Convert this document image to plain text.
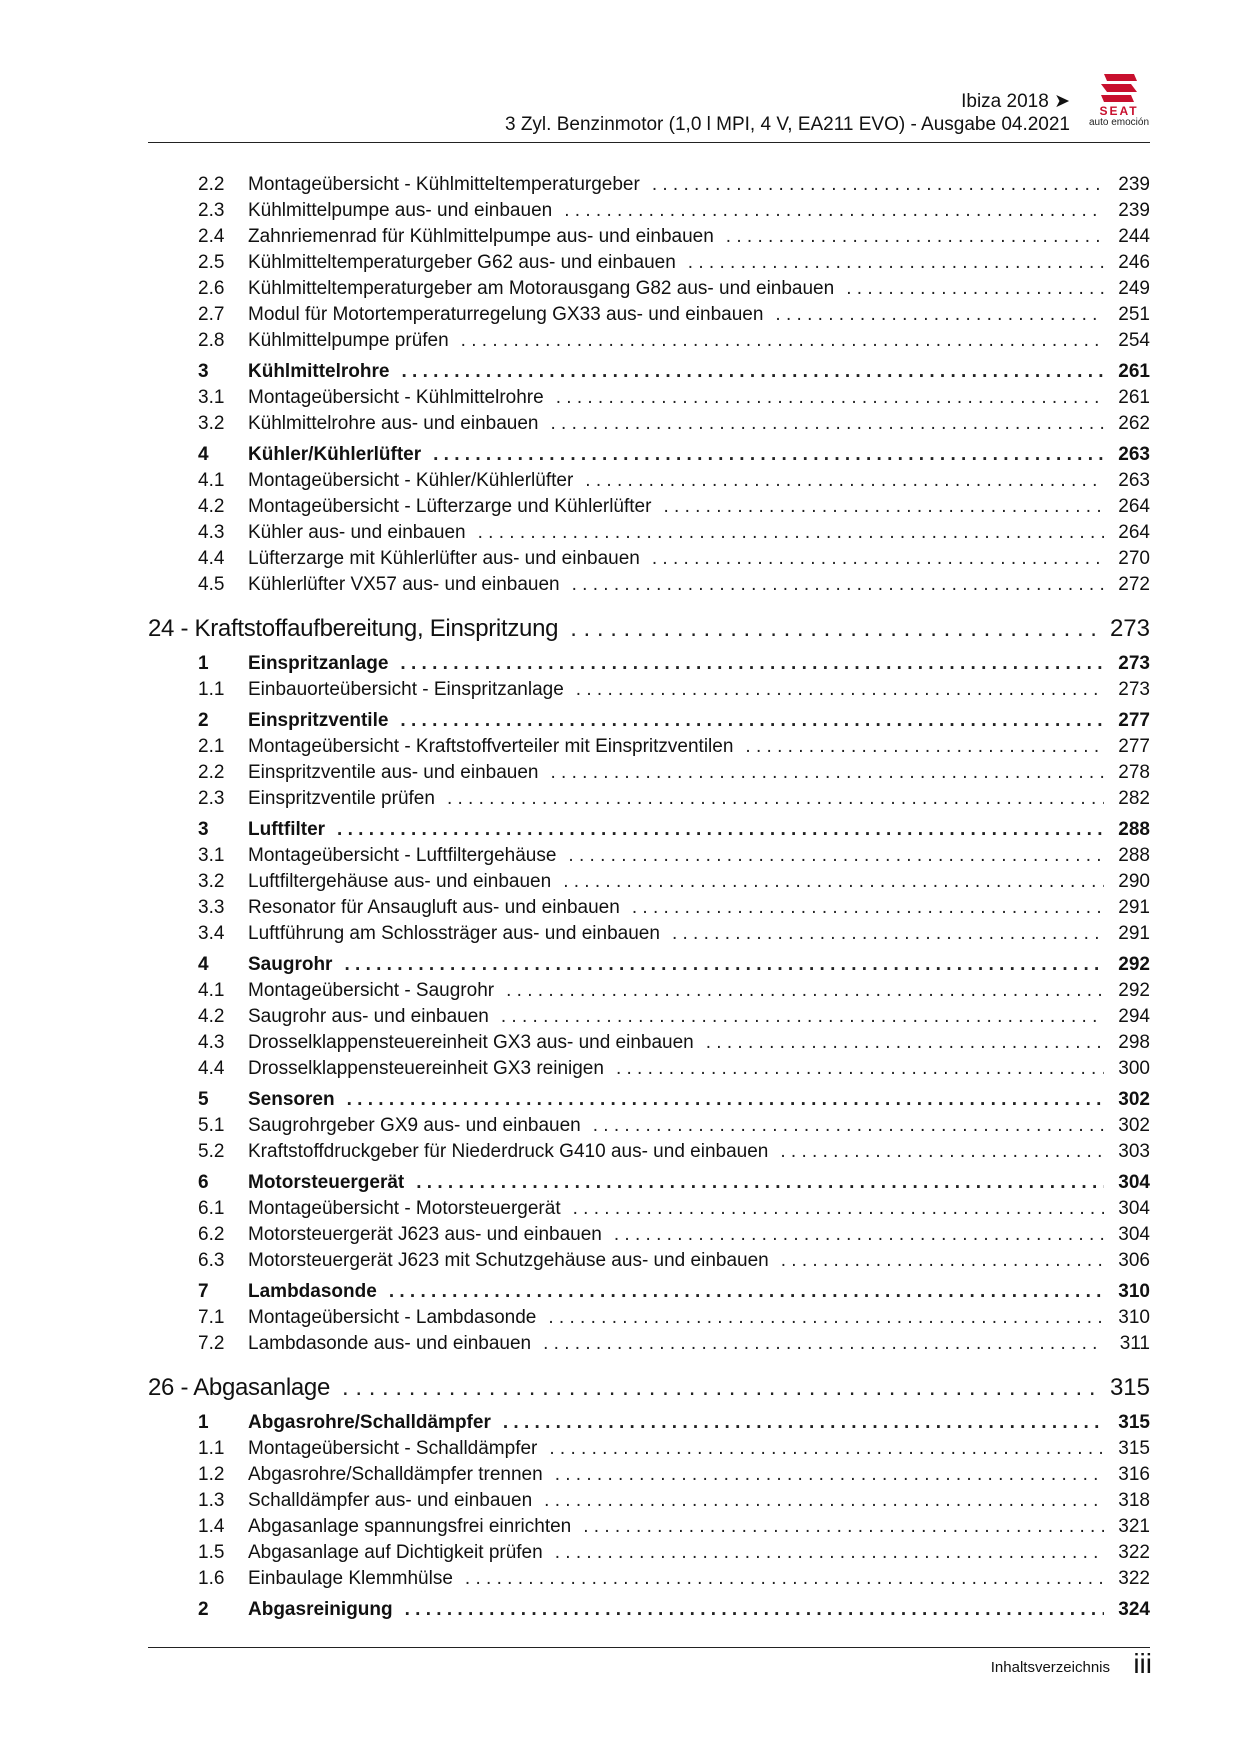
Ibiza 2018 ➤
3 Zyl. Benzinmotor (1,0 l MPI, 4 V, EA211 EVO) - Ausgabe 04.2021
SEAT
auto emoción
2.2	Montageübersicht - Kühlmitteltemperaturgeber . . .	239
2.3	Kühlmittelpumpe aus- und einbauen . . .	239
2.4	Zahnriemenrad für Kühlmittelpumpe aus- und einbauen . . .	244
2.5	Kühlmitteltemperaturgeber G62 aus- und einbauen . . .	246
2.6	Kühlmitteltemperaturgeber am Motorausgang G82 aus- und einbauen . . .	249
2.7	Modul für Motortemperaturregelung GX33 aus- und einbauen . . .	251
2.8	Kühlmittelpumpe prüfen . . .	254
3	Kühlmittelrohre . . .	261
3.1	Montageübersicht - Kühlmittelrohre . . .	261
3.2	Kühlmittelrohre aus- und einbauen . . .	262
4	Kühler/Kühlerlüfter . . .	263
4.1	Montageübersicht - Kühler/Kühlerlüfter . . .	263
4.2	Montageübersicht - Lüfterzarge und Kühlerlüfter . . .	264
4.3	Kühler aus- und einbauen . . .	264
4.4	Lüfterzarge mit Kühlerlüfter aus- und einbauen . . .	270
4.5	Kühlerlüfter VX57 aus- und einbauen . . .	272
24 - Kraftstoffaufbereitung, Einspritzung . . .	273
1	Einspritzanlage . . .	273
1.1	Einbauorteübersicht - Einspritzanlage . . .	273
2	Einspritzventile . . .	277
2.1	Montageübersicht - Kraftstoffverteiler mit Einspritzventilen . . .	277
2.2	Einspritzventile aus- und einbauen . . .	278
2.3	Einspritzventile prüfen . . .	282
3	Luftfilter . . .	288
3.1	Montageübersicht - Luftfiltergehäuse . . .	288
3.2	Luftfiltergehäuse aus- und einbauen . . .	290
3.3	Resonator für Ansaugluft aus- und einbauen . . .	291
3.4	Luftführung am Schlossträger aus- und einbauen . . .	291
4	Saugrohr . . .	292
4.1	Montageübersicht - Saugrohr . . .	292
4.2	Saugrohr aus- und einbauen . . .	294
4.3	Drosselklappensteuereinheit GX3 aus- und einbauen . . .	298
4.4	Drosselklappensteuereinheit GX3 reinigen . . .	300
5	Sensoren . . .	302
5.1	Saugrohrgeber GX9 aus- und einbauen . . .	302
5.2	Kraftstoffdruckgeber für Niederdruck G410 aus- und einbauen . . .	303
6	Motorsteuergerät . . .	304
6.1	Montageübersicht - Motorsteuergerät . . .	304
6.2	Motorsteuergerät J623 aus- und einbauen . . .	304
6.3	Motorsteuergerät J623 mit Schutzgehäuse aus- und einbauen . . .	306
7	Lambdasonde . . .	310
7.1	Montageübersicht - Lambdasonde . . .	310
7.2	Lambdasonde aus- und einbauen . . .	311
26 - Abgasanlage . . .	315
1	Abgasrohre/Schalldämpfer . . .	315
1.1	Montageübersicht - Schalldämpfer . . .	315
1.2	Abgasrohre/Schalldämpfer trennen . . .	316
1.3	Schalldämpfer aus- und einbauen . . .	318
1.4	Abgasanlage spannungsfrei einrichten . . .	321
1.5	Abgasanlage auf Dichtigkeit prüfen . . .	322
1.6	Einbaulage Klemmhülse . . .	322
2	Abgasreinigung . . .	324
Inhaltsverzeichnis iii
